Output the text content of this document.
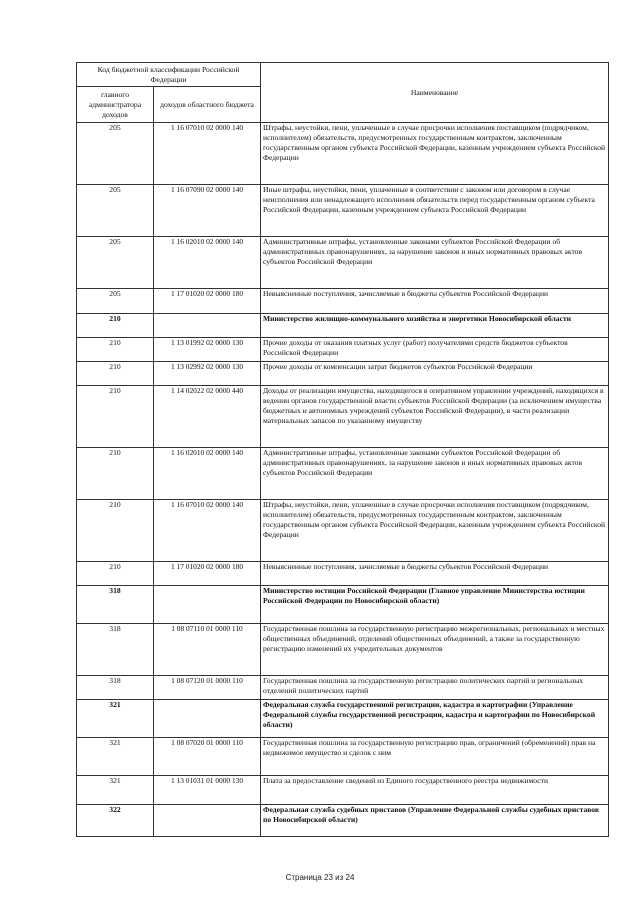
Код бюджетной классификации Российской Федерации		Наименование
главного администратора доходов	доходов областного бюджета	
205	1 16 07010 02 0000 140	Штрафы, неустойки, пени, уплаченные в случае просрочки исполнения поставщиком (подрядчиком, исполнителем) обязательств, предусмотренных государственным контрактом, заключенным государственным органом субъекта Российской Федерации, казенным учреждением субъекта Российской Федерации
205	1 16 07090 02 0000 140	Иные штрафы, неустойки, пени, уплаченные в соответствии с законом или договором в случае неисполнения или ненадлежащего исполнения обязательств перед государственным органом субъекта Российской Федерации, казенным учреждением субъекта Российской Федерации
205	1 16 02010 02 0000 140	Административные штрафы, установленные законами субъектов Российской Федерации об административных правонарушениях, за нарушение законов и иных нормативных правовых актов субъектов Российской Федерации
205	1 17 01020 02 0000 180	Невыясненные поступления, зачисляемые в бюджеты субъектов Российской Федерации
210		Министерство жилищно-коммунального хозяйства и энергетики Новосибирской области
210	1 13 01992 02 0000 130	Прочие доходы от оказания платных услуг (работ) получателями средств бюджетов субъектов Российской Федерации
210	1 13 02992 02 0000 130	Прочие доходы от компенсации затрат бюджетов субъектов Российской Федерации
210	1 14 02022 02 0000 440	Доходы от реализации имущества, находящегося в оперативном управлении учреждений, находящихся в ведении органов государственной власти субъектов Российской Федерации (за исключением имущества бюджетных и автономных учреждений субъектов Российской Федерации), в части реализации материальных запасов по указанному имуществу
210	1 16 02010 02 0000 140	Административные штрафы, установленные законами субъектов Российской Федерации об административных правонарушениях, за нарушение законов и иных нормативных правовых актов субъектов Российской Федерации
210	1 16 07010 02 0000 140	Штрафы, неустойки, пени, уплаченные в случае просрочки исполнения поставщиком (подрядчиком, исполнителем) обязательств, предусмотренных государственным контрактом, заключенным государственным органом субъекта Российской Федерации, казенным учреждением субъекта Российской Федерации
210	1 17 01020 02 0000 180	Невыясненные поступления, зачисляемые в бюджеты субъектов Российской Федерации
318		Министерство юстиции Российской Федерации (Главное управление Министерства юстиции Российской Федерации по Новосибирской области)
318	1 08 07110 01 0000 110	Государственная пошлина за государственную регистрацию межрегиональных, региональных и местных общественных объединений, отделений общественных объединений, а также за государственную регистрацию изменений их учредительных документов
318	1 08 07120 01 0000 110	Государственная пошлина за государственную регистрацию политических партий и региональных отделений политических партий
321		Федеральная служба государственной регистрации, кадастра и картографии (Управление Федеральной службы государственной регистрации, кадастра и картографии по Новосибирской области)
321	1 08 07020 01 0000 110	Государственная пошлина за государственную регистрацию прав, ограничений (обременений) прав на недвижимое имущество и сделок с ним
321	1 13 01031 01 0000 130	Плата за предоставление сведений из Единого государственного реестра недвижимости
322		Федеральная служба судебных приставов (Управление Федеральной службы судебных приставов по Новосибирской области)
Страница 23 из 24
